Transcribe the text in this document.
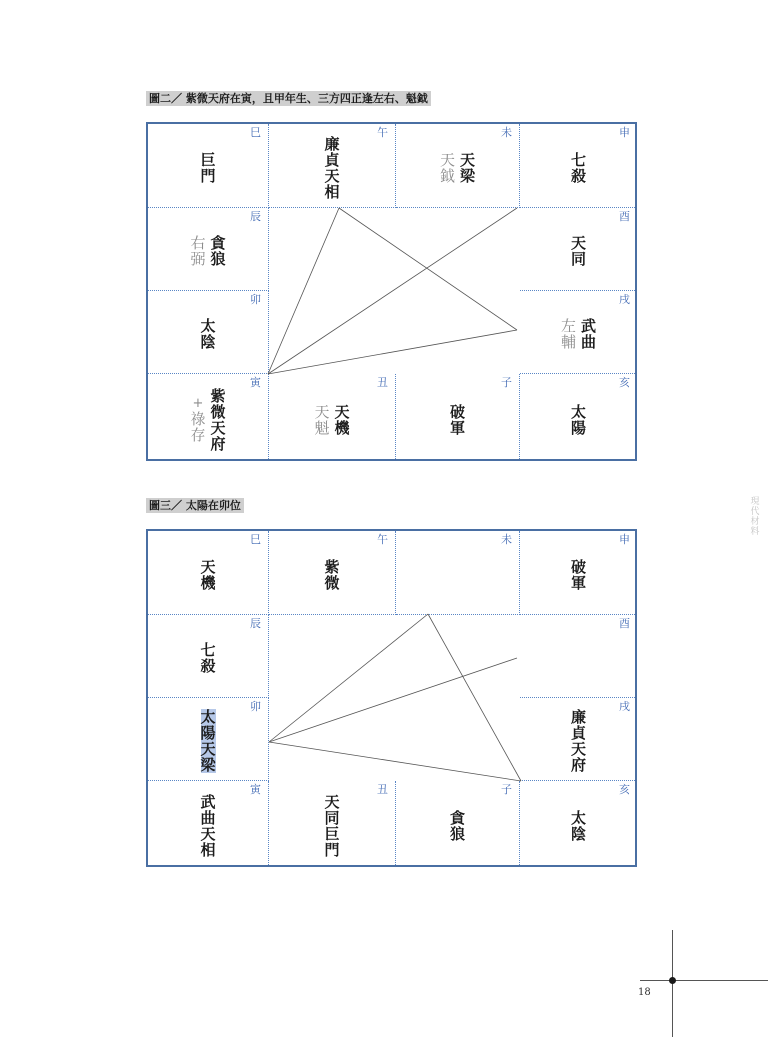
圖二／ 紫微天府在寅，且甲年生、三方四正逢左右、魁鉞
巳
巨門
午
廉貞天相
未
天梁
天鉞
申
七殺
辰
貪狼
右弼
酉
天同
卯
太陰
戌
武曲
左輔
寅
紫微天府
+
祿存
丑
天機
天魁
子
破軍
亥
太陽
圖三／ 太陽在卯位
巳
天機
午
紫微
未	申
破軍
辰
七殺
酉
卯
太陽天梁
戌
廉貞天府
寅
武曲天相
丑
天同巨門
子
貪狼
亥
太陰
現代材料
18
